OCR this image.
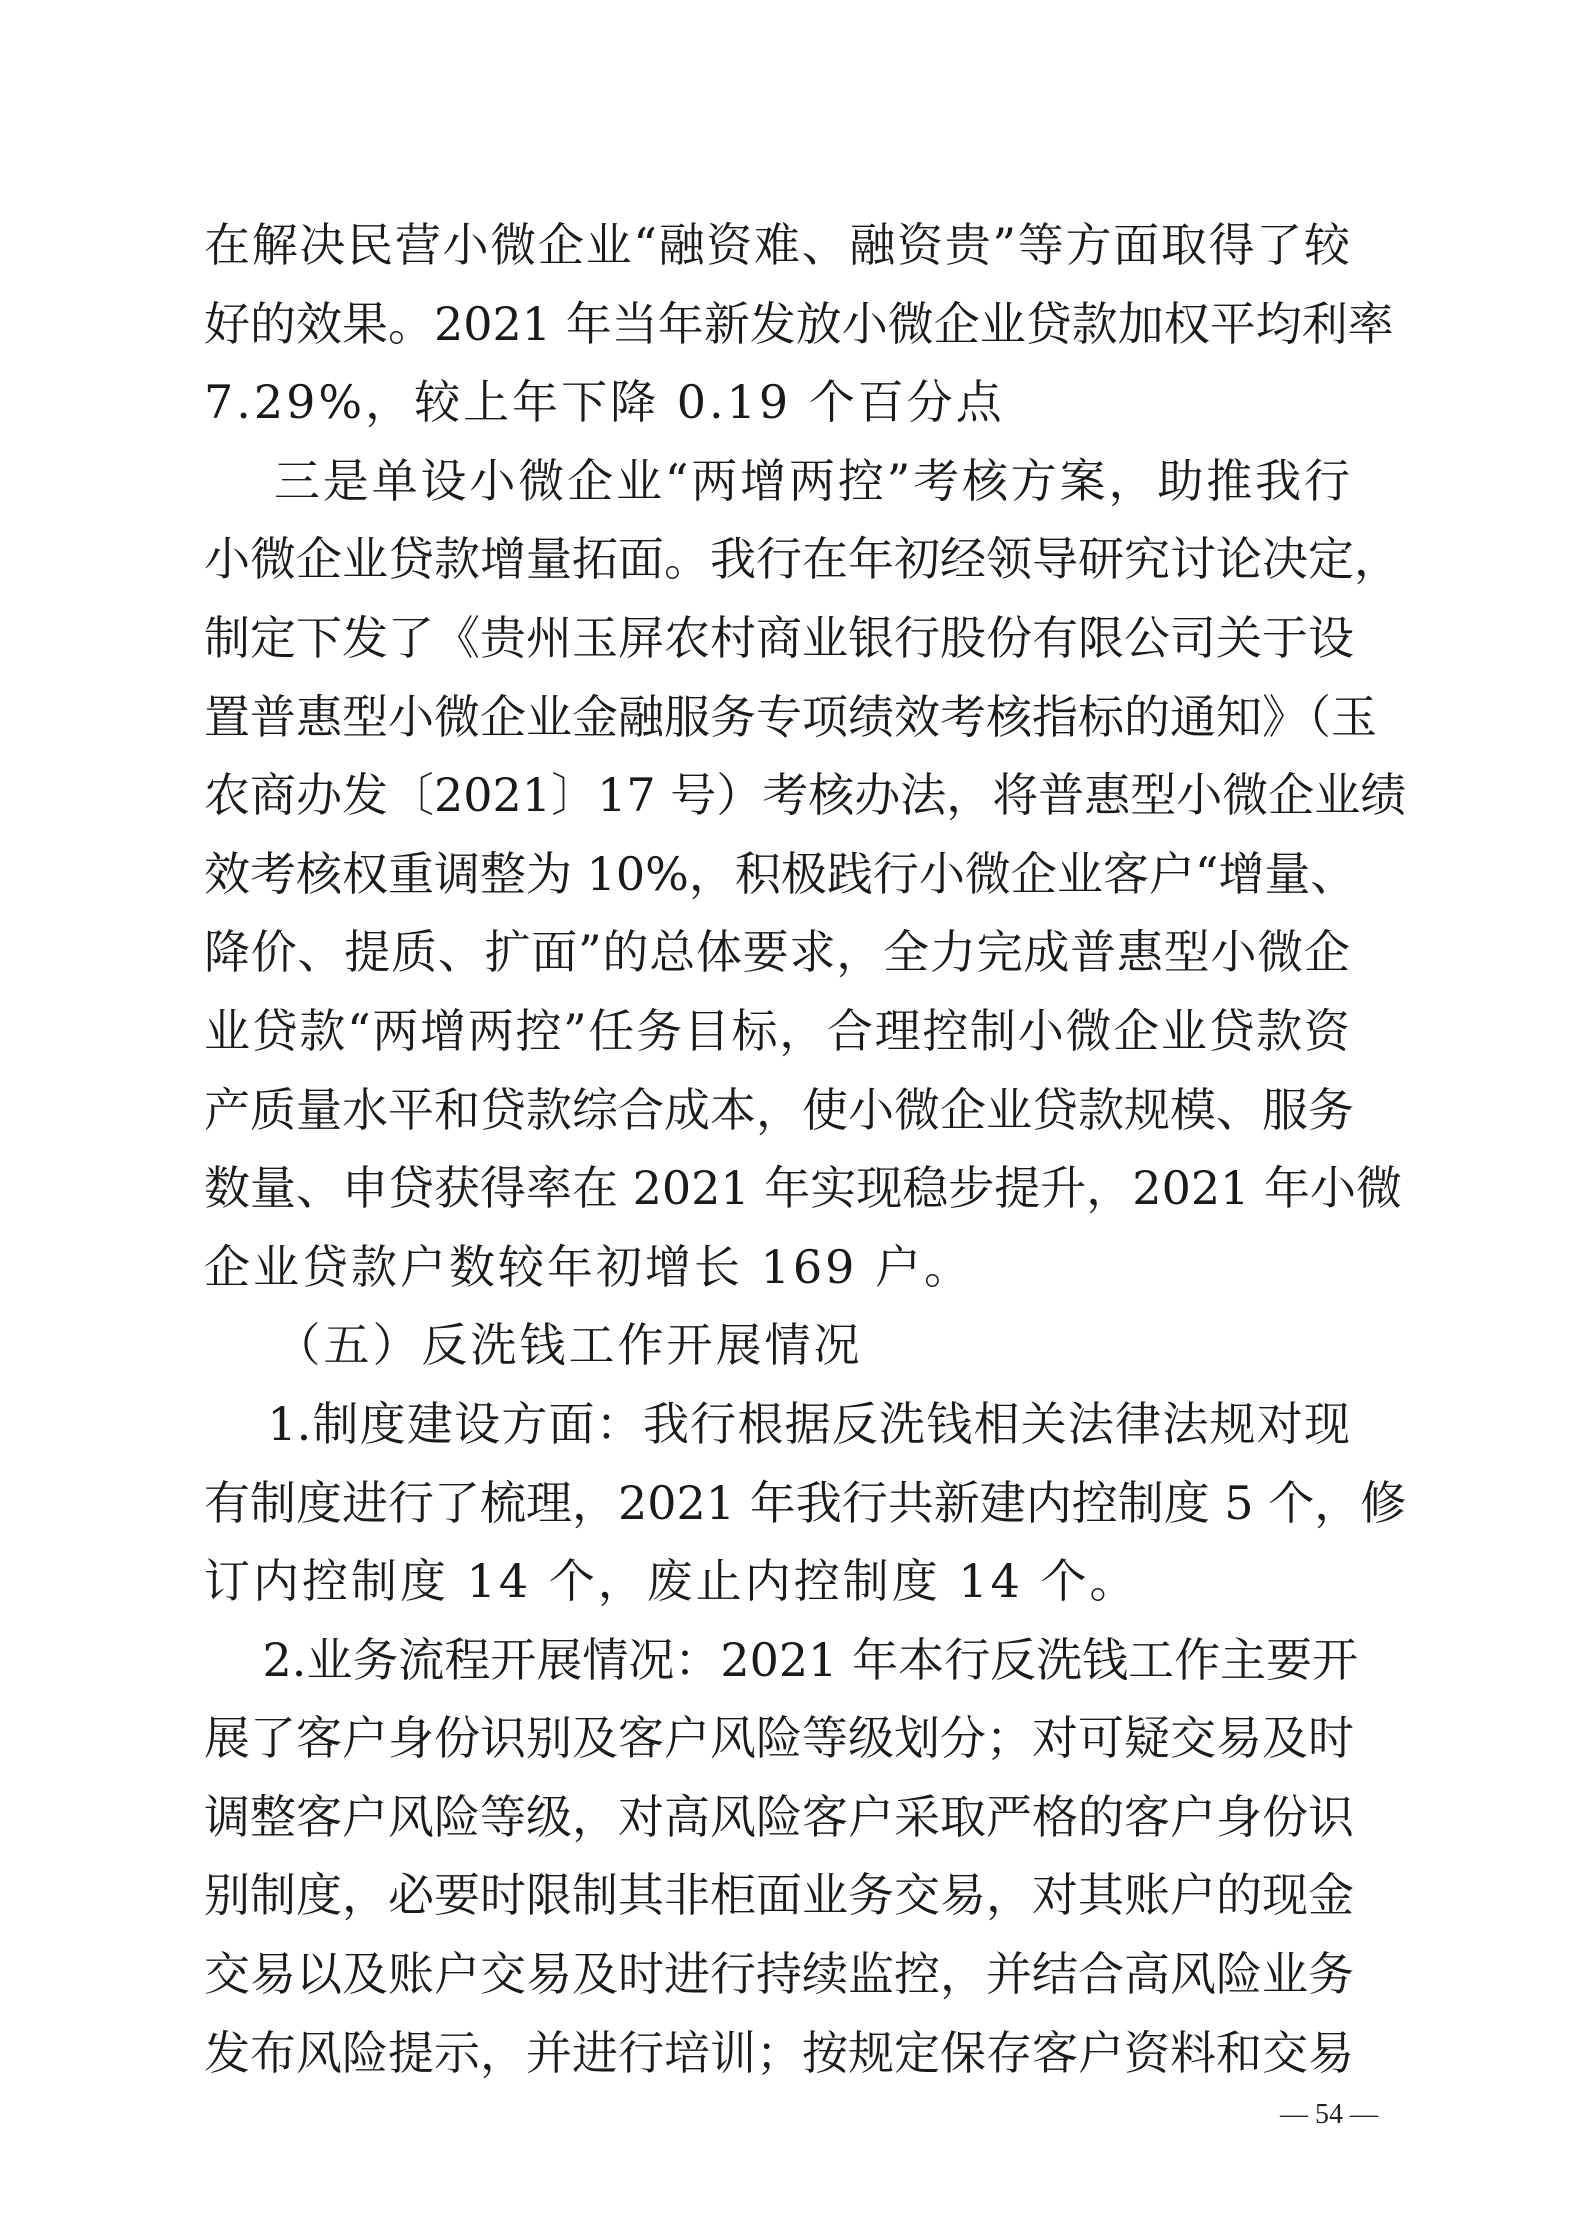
在解决民营小微企业“融资难、融资贵”等方面取得了较
好的效果。2021 年当年新发放小微企业贷款加权平均利率
7.29%，较上年下降 0.19 个百分点
三是单设小微企业“两增两控”考核方案，助推我行
小微企业贷款增量拓面。我行在年初经领导研究讨论决定，
制定下发了《贵州玉屏农村商业银行股份有限公司关于设
置普惠型小微企业金融服务专项绩效考核指标的通知》（玉
农商办发〔2021〕17 号）考核办法，将普惠型小微企业绩
效考核权重调整为 10%，积极践行小微企业客户“增量、
降价、提质、扩面”的总体要求，全力完成普惠型小微企
业贷款“两增两控”任务目标，合理控制小微企业贷款资
产质量水平和贷款综合成本，使小微企业贷款规模、服务
数量、申贷获得率在 2021 年实现稳步提升，2021 年小微
企业贷款户数较年初增长 169 户。
（五）反洗钱工作开展情况
1.制度建设方面：我行根据反洗钱相关法律法规对现
有制度进行了梳理，2021 年我行共新建内控制度 5 个，修
订内控制度 14 个，废止内控制度 14 个。
2.业务流程开展情况：2021 年本行反洗钱工作主要开
展了客户身份识别及客户风险等级划分；对可疑交易及时
调整客户风险等级，对高风险客户采取严格的客户身份识
别制度，必要时限制其非柜面业务交易，对其账户的现金
交易以及账户交易及时进行持续监控，并结合高风险业务
发布风险提示，并进行培训；按规定保存客户资料和交易
— 54 —
